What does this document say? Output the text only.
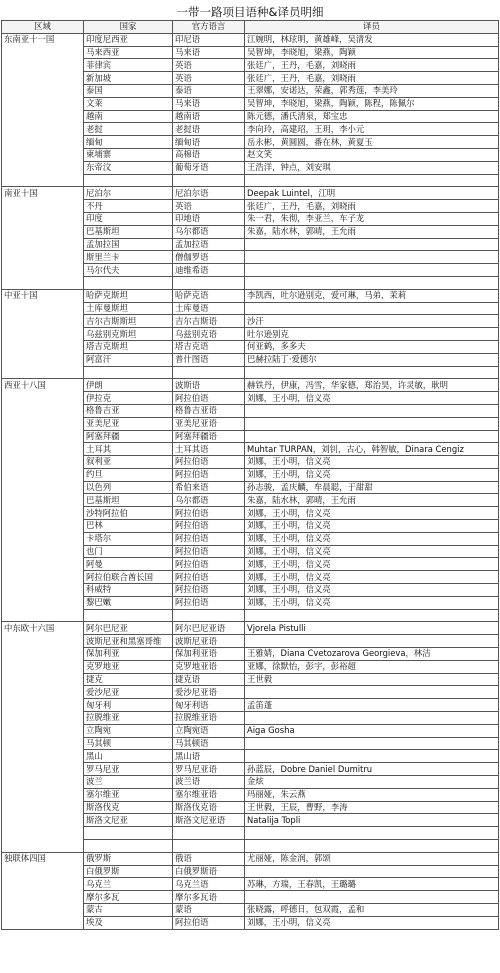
一带一路项目语种&译员明细
区域	国家	官方语言	译员
东南亚十一国	印度尼西亚	印尼语	江婉明，林玹明，黄雄峰，吴清发
	马来西亚	马来语	吴智坤，李晓旭，梁燕，陶颖
	菲律宾	英语	张廷广，王丹，毛嘉，刘晓雨
	新加坡	英语	张廷广，王丹，毛嘉，刘晓雨
	泰国	泰语	王翠娜，安诺达，荣鑫，郭秀莲，李美玲
	文莱	马来语	吴智坤，李晓旭，梁燕，陶颖，陈程，陈佩尔
	越南	越南语	陈元德，潘氏清泉，郑宝忠
	老挝	老挝语	李向玲，高建玿，王玥，李小元
	缅甸	缅甸语	岳永彬，黄圆圆，番在林，黄夏玉
	柬埔寨	高棉语	赵文笑
	东帝汶	葡萄牙语	王浩洋，钟点，刘安琪

南亚十国	尼泊尔	尼泊尔语	Deepak Luintel，江明
	不丹	英语	张廷广，王丹，毛嘉，刘晓雨
	印度	印地语	朱一君，朱彻，李亚兰，车子龙
	巴基斯坦	乌尔都语	朱嘉，陆水林，郭晴，王允雨
	孟加拉国	孟加拉语	
	斯里兰卡	僧伽罗语	
	马尔代夫	迪维希语	

中亚十国	哈萨克斯坦	哈萨克语	李凯西，吐尔逊别克，爱可琳，马弟，茉莉
	土库曼斯坦	土库曼语	
	吉尔吉斯斯坦	吉尔吉斯语	沙汗
	乌兹别克斯坦	乌兹别克语	吐尔逊别克
	塔吉克斯坦	塔吉克语	何亚鹤，多多夫
	阿富汗	普什图语	巴赫拉陆丁·爱德尔

西亚十八国	伊朗	波斯语	赫铁丹，伊康，冯雪，华家德，郑治昊，许灵敏，耿明
	伊拉克	阿拉伯语	刘娜，王小明，信义亮
	格鲁吉亚	格鲁吉亚语	
	亚美尼亚	亚美尼亚语	
	阿塞拜疆	阿塞拜疆语	
	土耳其	土耳其语	Muhtar TURPAN，刘钊，古心，韩智敏，Dinara Cengiz
	叙利亚	阿拉伯语	刘娜，王小明，信义亮
	约旦	阿拉伯语	刘娜，王小明，信义亮
	以色列	希伯来语	孙志骏，孟庆麟，牟晨聪，于甜甜
	巴基斯坦	乌尔都语	朱嘉，陆水林，郭晴，王允雨
	沙特阿拉伯	阿拉伯语	刘娜，王小明，信义亮
	巴林	阿拉伯语	刘娜，王小明，信义亮
	卡塔尔	阿拉伯语	刘娜，王小明，信义亮
	也门	阿拉伯语	刘娜，王小明，信义亮
	阿曼	阿拉伯语	刘娜，王小明，信义亮
	阿拉伯联合酋长国	阿拉伯语	刘娜，王小明，信义亮
	科威特	阿拉伯语	刘娜，王小明，信义亮
	黎巴嫩	阿拉伯语	刘娜，王小明，信义亮

中东欧十六国	阿尔巴尼亚	阿尔巴尼亚语	Vjorela Pistulli
	波斯尼亚和黑塞哥维	波斯尼亚语	
	保加利亚	保加利亚语	王雅婧，Diana Cvetozarova Georgieva，林洁
	克罗地亚	克罗地亚语	亚娜，徐默怡，彭宇，彭裕超
	捷克	捷克语	王世毅
	爱沙尼亚	爱沙尼亚语	
	匈牙利	匈牙利语	孟笛蓬
	拉脱维亚	拉脱维亚语	
	立陶宛	立陶宛语	Aiga Gosha
	马其顿	马其顿语	
	黑山	黑山语	
	罗马尼亚	罗马尼亚语	孙蓝辰，Dobre Daniel Dumitru
	波兰	波兰语	金炫
	塞尔维亚	塞尔维亚语	玛丽娅，朱云燕
	斯洛伐克	斯洛伐克语	王世毅，王辰，曹野，李涛
	斯洛文尼亚	斯洛文尼亚语	Natalija Topli

独联体四国	俄罗斯	俄语	尤丽娅，陈金润，郭颂
	白俄罗斯	白俄罗斯语	
	乌克兰	乌克兰语	苏琳，方瑞，王春凯，王璐璐
	摩尔多瓦	摩尔多瓦语	
	蒙古	蒙语	张晓露，呼德日，包双霞，孟和
	埃及	阿拉伯语	刘娜，王小明，信义亮
